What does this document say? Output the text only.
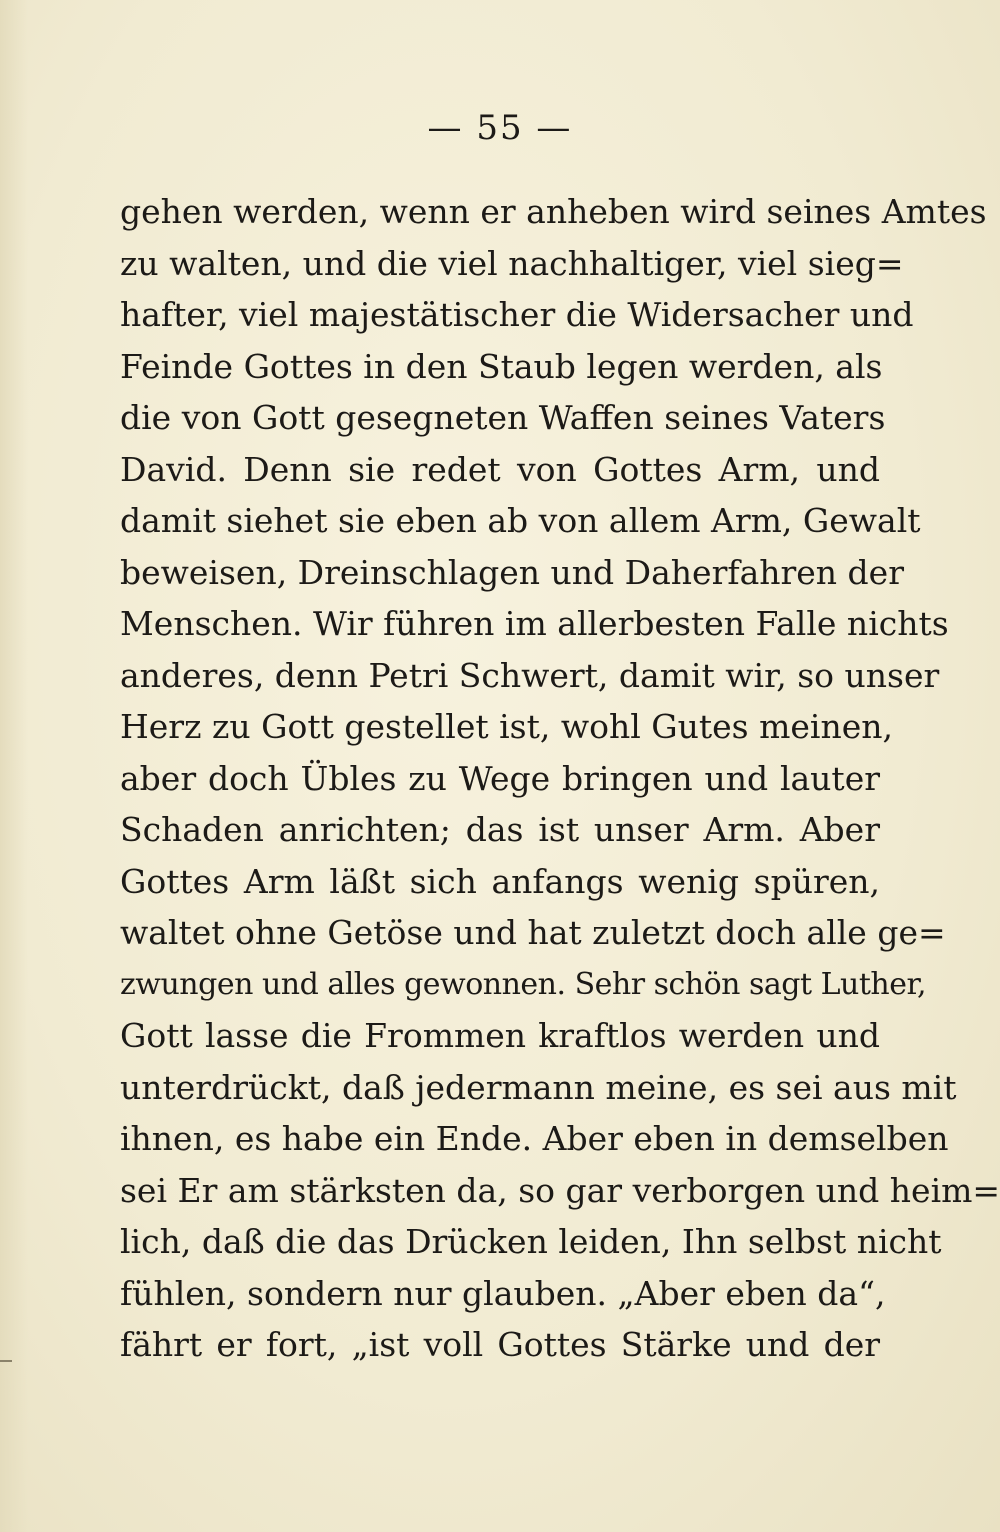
— 55 —
gehen werden, wenn er anheben wird seines Amtes
zu walten, und die viel nachhaltiger, viel sieg=
hafter, viel majestätischer die Widersacher und
Feinde Gottes in den Staub legen werden, als
die von Gott gesegneten Waffen seines Vaters
David. Denn sie redet von Gottes Arm, und
damit siehet sie eben ab von allem Arm, Gewalt
beweisen, Dreinschlagen und Daherfahren der
Menschen. Wir führen im allerbesten Falle nichts
anderes, denn Petri Schwert, damit wir, so unser
Herz zu Gott gestellet ist, wohl Gutes meinen,
aber doch Übles zu Wege bringen und lauter
Schaden anrichten; das ist unser Arm. Aber
Gottes Arm läßt sich anfangs wenig spüren,
waltet ohne Getöse und hat zuletzt doch alle ge=
zwungen und alles gewonnen. Sehr schön sagt Luther,
Gott lasse die Frommen kraftlos werden und
unterdrückt, daß jedermann meine, es sei aus mit
ihnen, es habe ein Ende. Aber eben in demselben
sei Er am stärksten da, so gar verborgen und heim=
lich, daß die das Drücken leiden, Ihn selbst nicht
fühlen, sondern nur glauben. „Aber eben da“,
fährt er fort, „ist voll Gottes Stärke und der
